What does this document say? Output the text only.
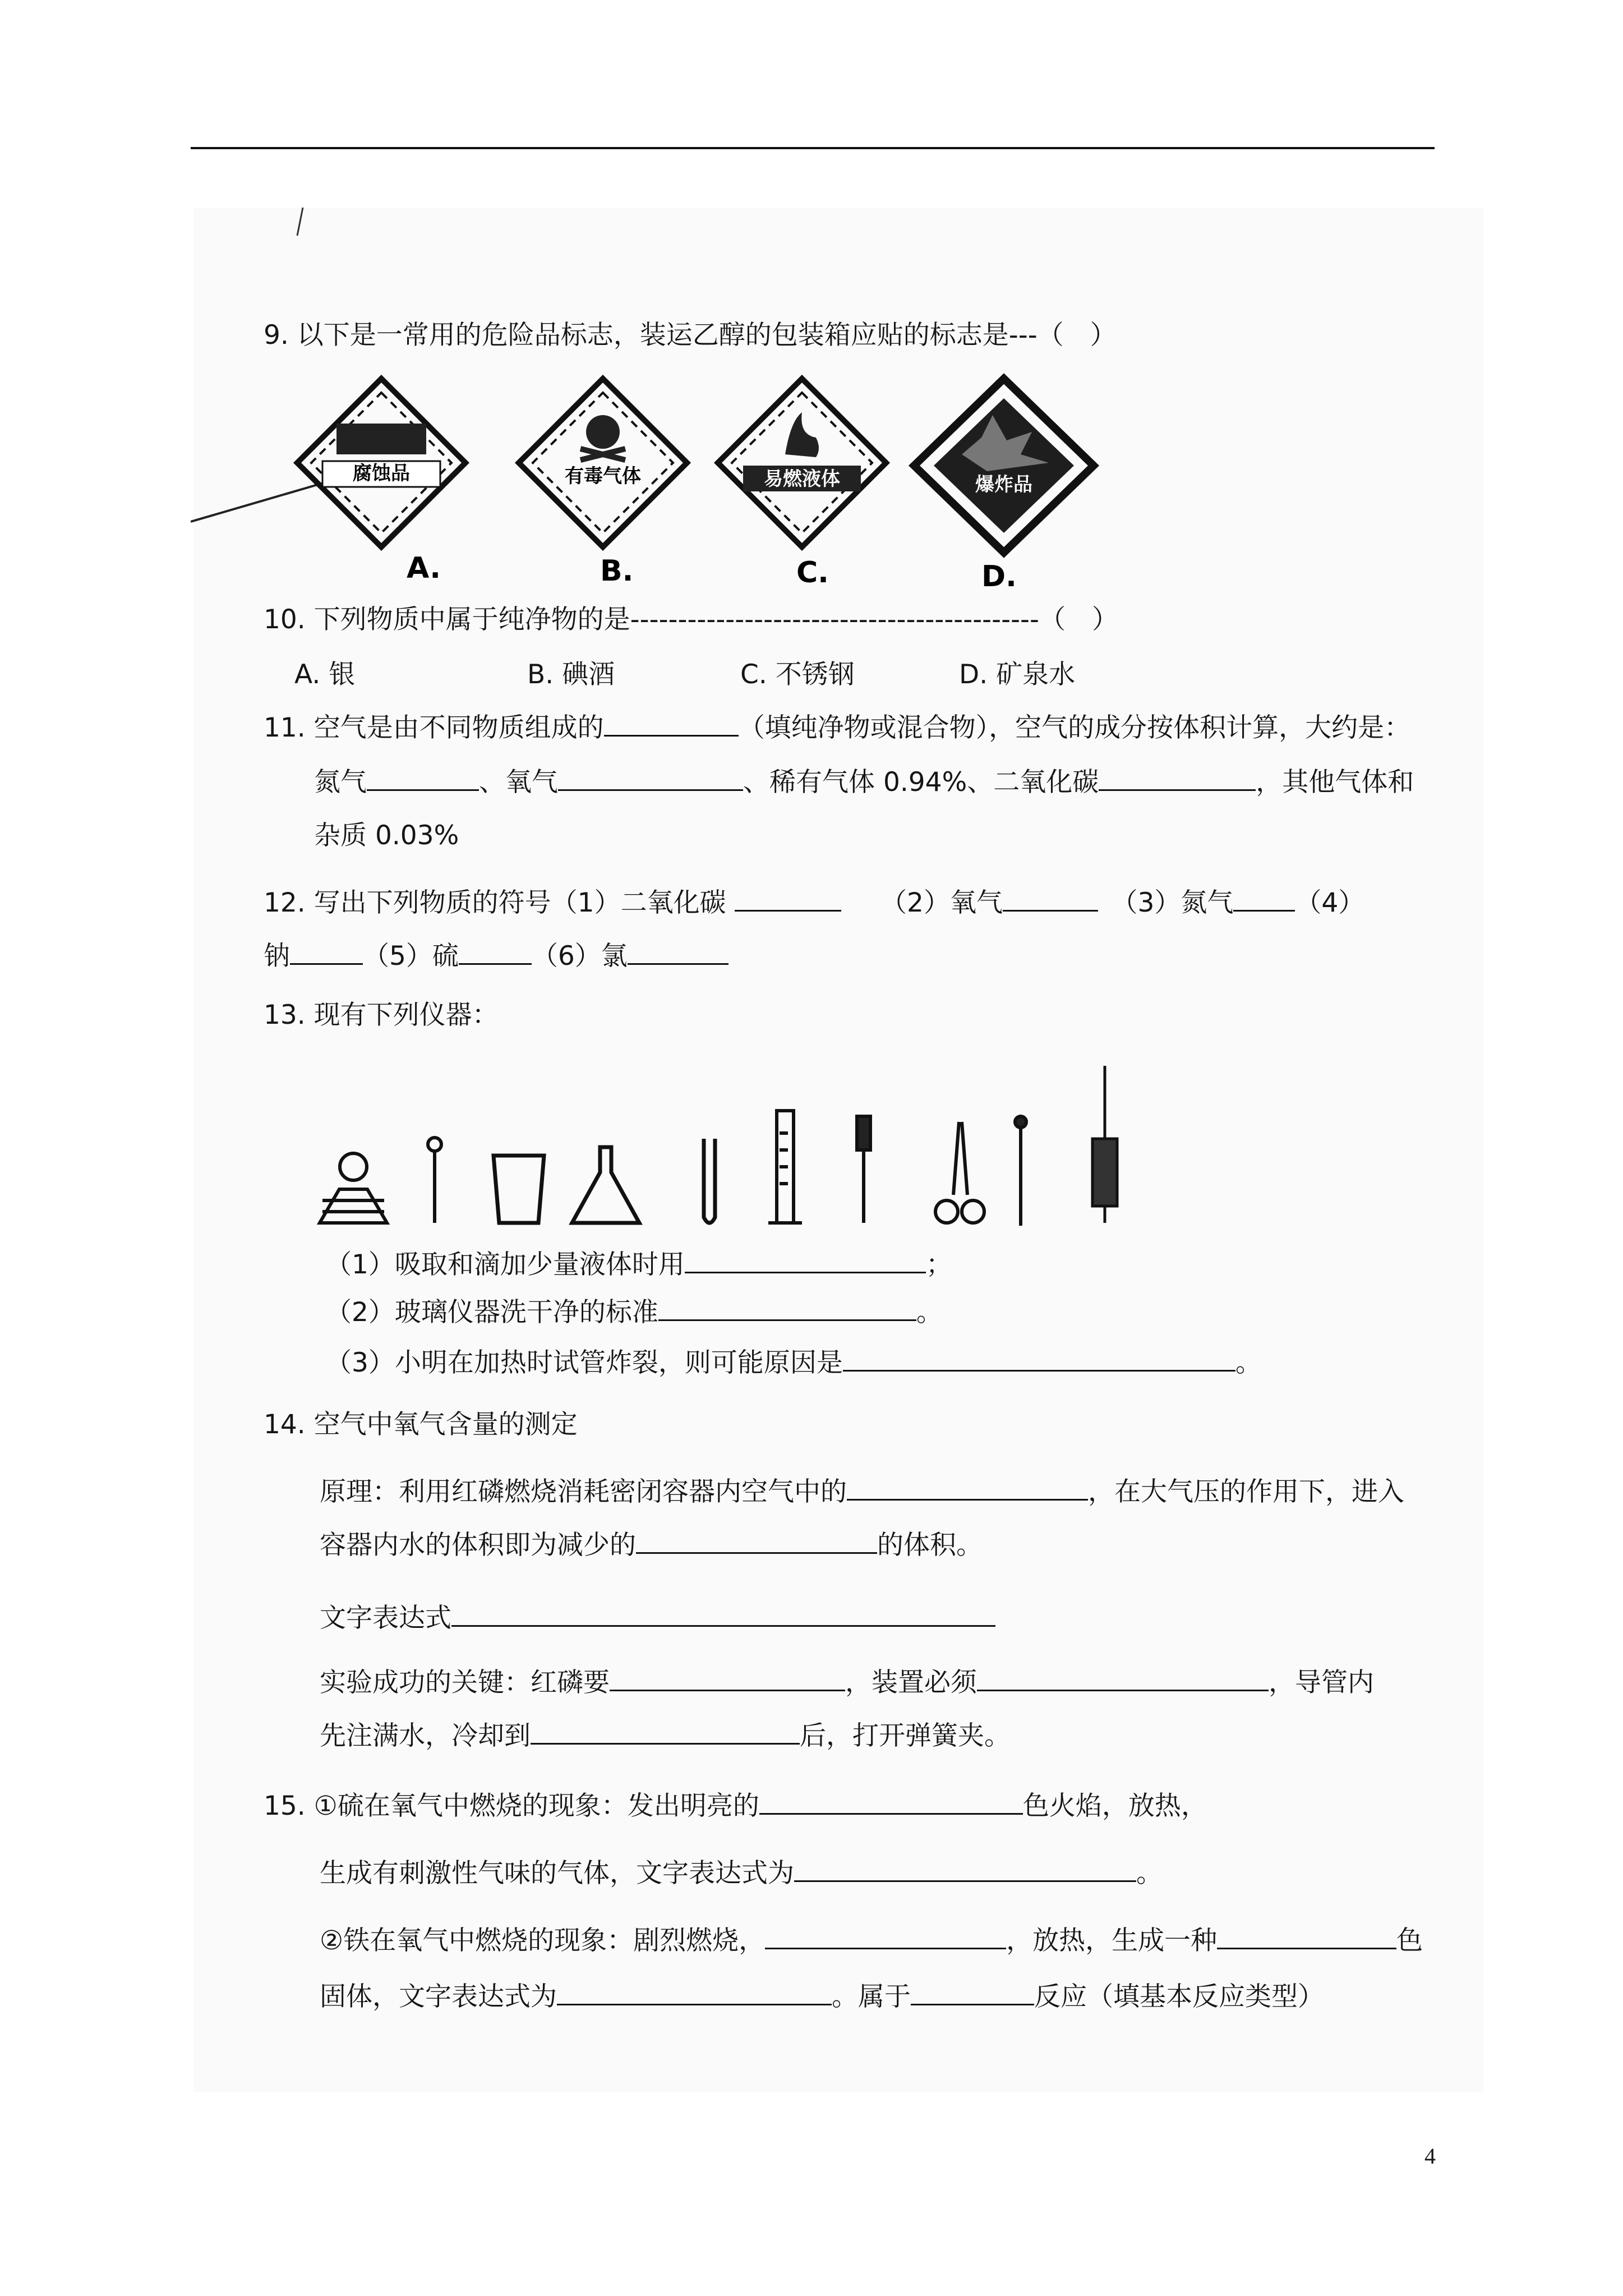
9. 以下是一常用的危险品标志，装运乙醇的包装箱应贴的标志是---（　）
腐蚀品	有毒气体	易燃液体	爆炸品
A.	B.	C.	D.
10. 下列物质中属于纯净物的是-------------------------------------------（　）
A. 银	B. 碘酒	C. 不锈钢	D. 矿泉水
11. 空气是由不同物质组成的	（填纯净物或混合物），空气的成分按体积计算，大约是：
氮气	、氧气	、稀有气体 0.94%、二氧化碳	，其他气体和
杂质 0.03%
12. 写出下列物质的符号（1）二氧化碳 　　	（2）氧气　	（3）氮气 （4）
钠	（5）硫	（6）氯
13. 现有下列仪器：
（1）吸取和滴加少量液体时用	；
（2）玻璃仪器洗干净的标准	。
（3）小明在加热时试管炸裂，则可能原因是	。
14. 空气中氧气含量的测定
原理：利用红磷燃烧消耗密闭容器内空气中的	，在大气压的作用下，进入
容器内水的体积即为减少的	的体积。
文字表达式
实验成功的关键：红磷要	，装置必须	，导管内
先注满水，冷却到	后，打开弹簧夹。
15. ①硫在氧气中燃烧的现象：发出明亮的	色火焰，放热，
生成有刺激性气味的气体，文字表达式为	。
②铁在氧气中燃烧的现象：剧烈燃烧，	，放热，生成一种	色
固体，文字表达式为	。属于	反应（填基本反应类型）
4
